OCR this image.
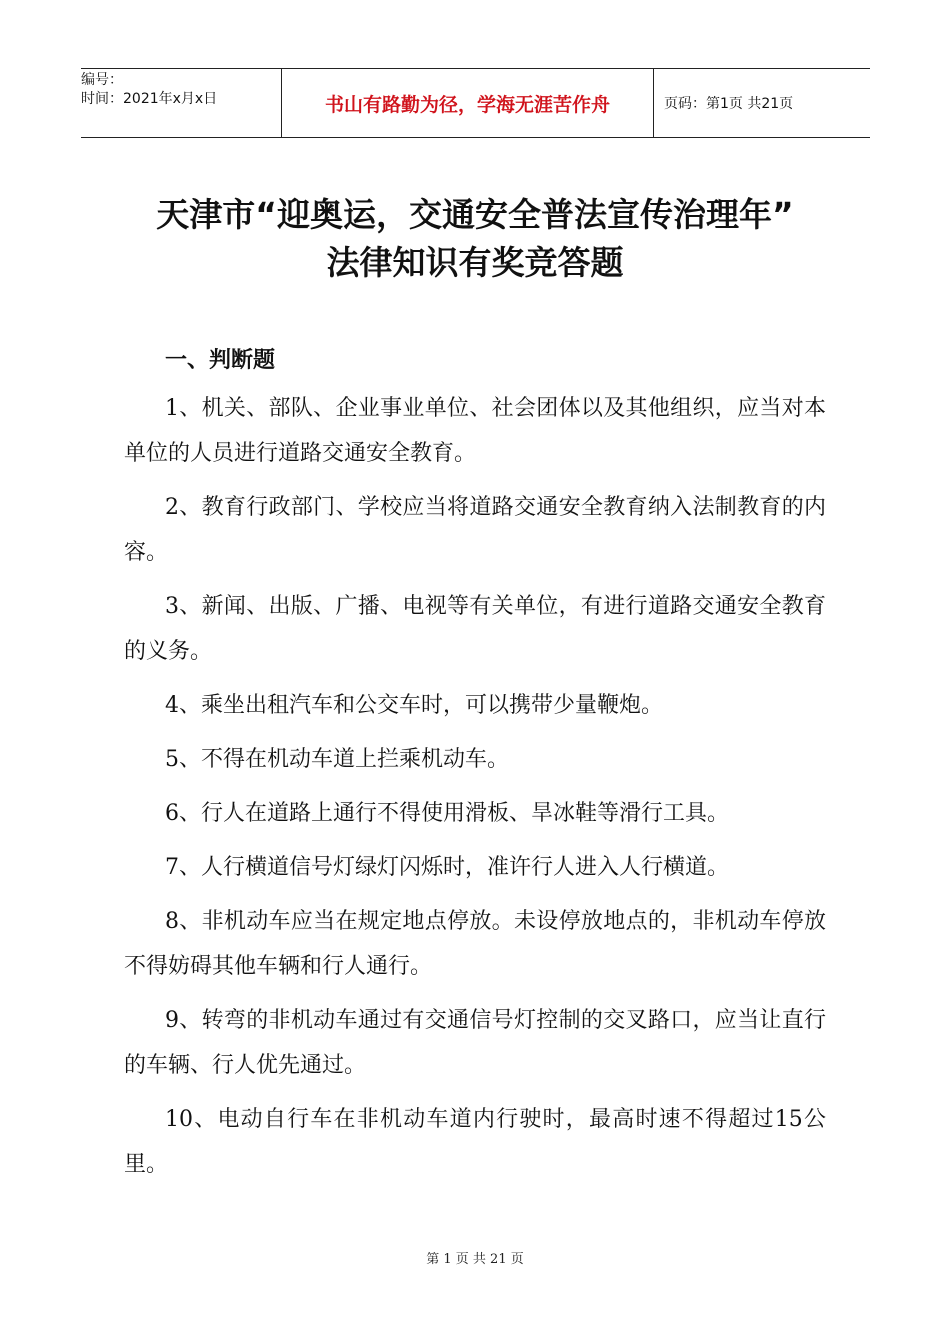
编号：
时间：2021年x月x日	书山有路勤为径，学海无涯苦作舟	页码：第1页 共21页
天津市“迎奥运，交通安全普法宣传治理年”
法律知识有奖竞答题
一、判断题

1、机关、部队、企业事业单位、社会团体以及其他组织，应当对本单位的人员进行道路交通安全教育。

2、教育行政部门、学校应当将道路交通安全教育纳入法制教育的内容。

3、新闻、出版、广播、电视等有关单位，有进行道路交通安全教育的义务。

4、乘坐出租汽车和公交车时，可以携带少量鞭炮。

5、不得在机动车道上拦乘机动车。

6、行人在道路上通行不得使用滑板、旱冰鞋等滑行工具。

7、人行横道信号灯绿灯闪烁时，准许行人进入人行横道。

8、非机动车应当在规定地点停放。未设停放地点的，非机动车停放不得妨碍其他车辆和行人通行。

9、转弯的非机动车通过有交通信号灯控制的交叉路口，应当让直行的车辆、行人优先通过。

10、电动自行车在非机动车道内行驶时，最高时速不得超过15公里。

第 1 页 共 21 页
